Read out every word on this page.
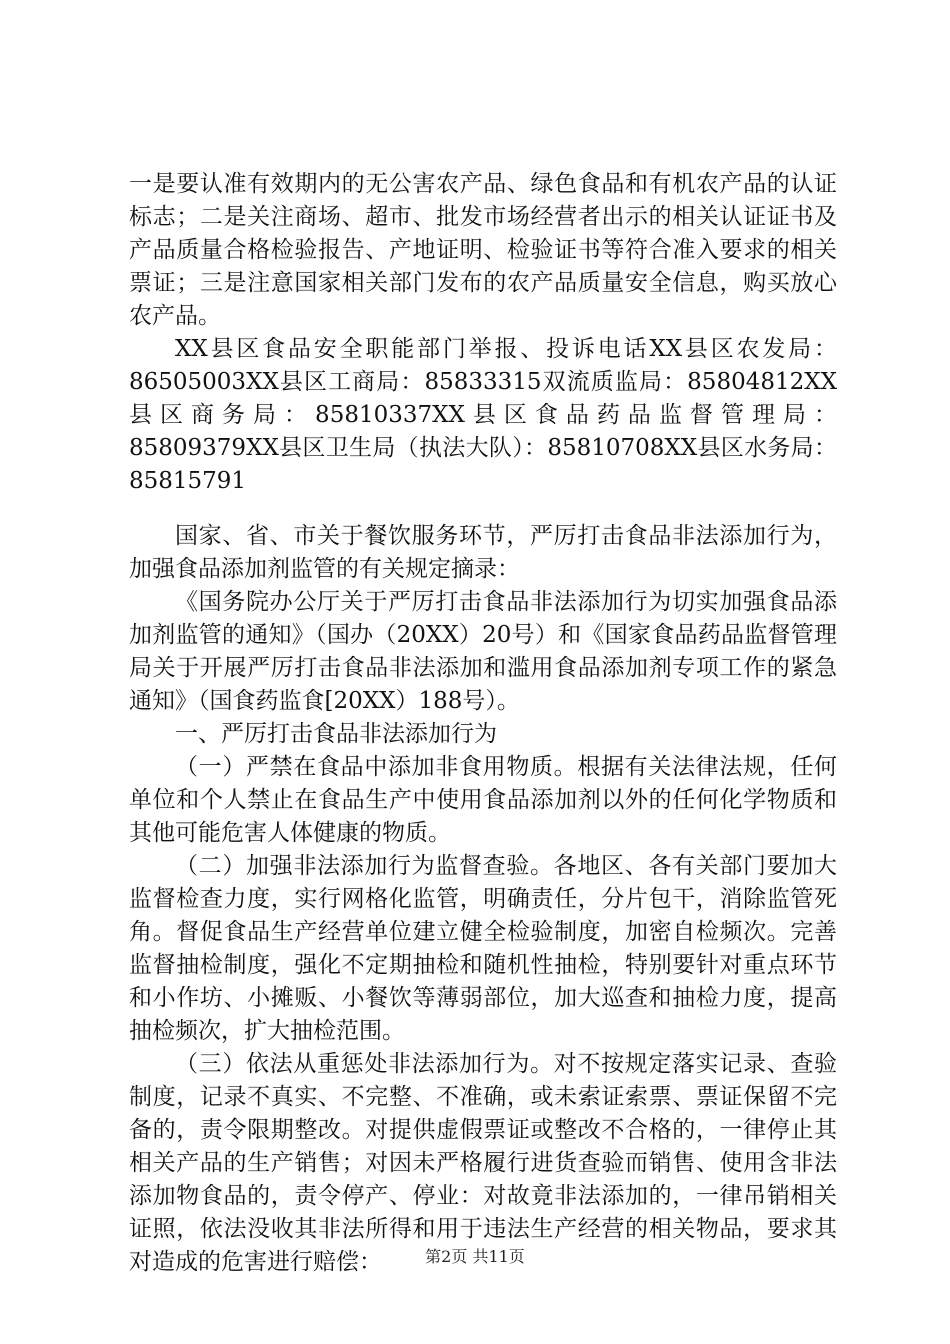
一是要认准有效期内的无公害农产品、绿色食品和有机农产品的认证标志；二是关注商场、超市、批发市场经营者出示的相关认证证书及产品质量合格检验报告、产地证明、检验证书等符合准入要求的相关票证；三是注意国家相关部门发布的农产品质量安全信息，购买放心农产品。

XX县区食品安全职能部门举报、投诉电话XX县区农发局：86505003XX县区工商局：85833315双流质监局：85804812XX县区商务局：85810337XX县区食品药品监督管理局：85809379XX县区卫生局（执法大队）：85810708XX县区水务局：85815791

国家、省、市关于餐饮服务环节，严厉打击食品非法添加行为，加强食品添加剂监管的有关规定摘录：

《国务院办公厅关于严厉打击食品非法添加行为切实加强食品添加剂监管的通知》（国办（20XX）20号）和《国家食品药品监督管理局关于开展严厉打击食品非法添加和滥用食品添加剂专项工作的紧急通知》（国食药监食[20XX）188号）。

一、严厉打击食品非法添加行为

（一）严禁在食品中添加非食用物质。根据有关法律法规，任何单位和个人禁止在食品生产中使用食品添加剂以外的任何化学物质和其他可能危害人体健康的物质。

（二）加强非法添加行为监督查验。各地区、各有关部门要加大监督检查力度，实行网格化监管，明确责任，分片包干，消除监管死角。督促食品生产经营单位建立健全检验制度，加密自检频次。完善监督抽检制度，强化不定期抽检和随机性抽检，特别要针对重点环节和小作坊、小摊贩、小餐饮等薄弱部位，加大巡查和抽检力度，提高抽检频次，扩大抽检范围。

（三）依法从重惩处非法添加行为。对不按规定落实记录、查验制度，记录不真实、不完整、不准确，或未索证索票、票证保留不完备的，责令限期整改。对提供虚假票证或整改不合格的，一律停止其相关产品的生产销售；对因未严格履行进货查验而销售、使用含非法添加物食品的，责令停产、停业：对故竟非法添加的，一律吊销相关证照，依法没收其非法所得和用于违法生产经营的相关物品，要求其对造成的危害进行赔偿：	第2页 共11页
